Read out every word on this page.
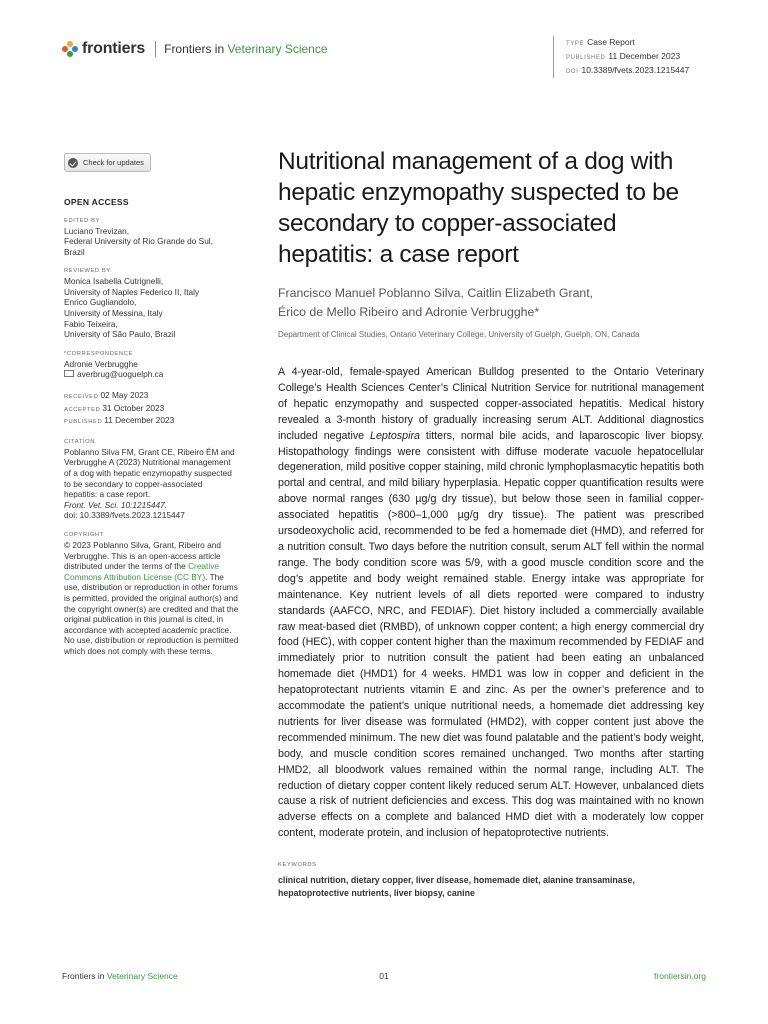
frontiers Frontiers in Veterinary Science	TYPE Case Report
PUBLISHED 11 December 2023
DOI 10.3389/fvets.2023.1215447
Check for updates
OPEN ACCESS
EDITED BY
Luciano Trevizan,
Federal University of Rio Grande do Sul,
Brazil
REVIEWED BY
Monica Isabella Cutrignelli,
University of Naples Federico II, Italy
Enrico Gugliandolo,
University of Messina, Italy
Fabio Teixeira,
University of São Paulo, Brazil
*CORRESPONDENCE
Adronie Verbrugghe
averbrug@uoguelph.ca
RECEIVED 02 May 2023
ACCEPTED 31 October 2023
PUBLISHED 11 December 2023
CITATION
Poblanno Silva FM, Grant CE, Ribeiro ÉM and
Verbrugghe A (2023) Nutritional management
of a dog with hepatic enzymopathy suspected
to be secondary to copper-associated
hepatitis: a case report.
Front. Vet. Sci. 10:1215447.
doi: 10.3389/fvets.2023.1215447
COPYRIGHT
© 2023 Poblanno Silva, Grant, Ribeiro and
Verbrugghe. This is an open-access article
distributed under the terms of the Creative Commons Attribution License (CC BY). The use, distribution or reproduction in other forums is permitted, provided the original author(s) and the copyright owner(s) are credited and that the original publication in this journal is cited, in accordance with accepted academic practice. No use, distribution or reproduction is permitted which does not comply with these terms.
Nutritional management of a dog with hepatic enzymopathy suspected to be secondary to copper-associated hepatitis: a case report
Francisco Manuel Poblanno Silva, Caitlin Elizabeth Grant,
Érico de Mello Ribeiro and Adronie Verbrugghe*
Department of Clinical Studies, Ontario Veterinary College, University of Guelph, Guelph, ON, Canada
A 4-year-old, female-spayed American Bulldog presented to the Ontario Veterinary College’s Health Sciences Center’s Clinical Nutrition Service for nutritional management of hepatic enzymopathy and suspected copper-associated hepatitis. Medical history revealed a 3-month history of gradually increasing serum ALT. Additional diagnostics included negative Leptospira titters, normal bile acids, and laparoscopic liver biopsy. Histopathology findings were consistent with diffuse moderate vacuole hepatocellular degeneration, mild positive copper staining, mild chronic lymphoplasmacytic hepatitis both portal and central, and mild biliary hyperplasia. Hepatic copper quantification results were above normal ranges (630 µg/g dry tissue), but below those seen in familial copper-associated hepatitis (>800–1,000 µg/g dry tissue). The patient was prescribed ursodeoxycholic acid, recommended to be fed a homemade diet (HMD), and referred for a nutrition consult. Two days before the nutrition consult, serum ALT fell within the normal range. The body condition score was 5/9, with a good muscle condition score and the dog’s appetite and body weight remained stable. Energy intake was appropriate for maintenance. Key nutrient levels of all diets reported were compared to industry standards (AAFCO, NRC, and FEDIAF). Diet history included a commercially available raw meat-based diet (RMBD), of unknown copper content; a high energy commercial dry food (HEC), with copper content higher than the maximum recommended by FEDIAF and immediately prior to nutrition consult the patient had been eating an unbalanced homemade diet (HMD1) for 4 weeks. HMD1 was low in copper and deficient in the hepatoprotectant nutrients vitamin E and zinc. As per the owner’s preference and to accommodate the patient’s unique nutritional needs, a homemade diet addressing key nutrients for liver disease was formulated (HMD2), with copper content just above the recommended minimum. The new diet was found palatable and the patient’s body weight, body, and muscle condition scores remained unchanged. Two months after starting HMD2, all bloodwork values remained within the normal range, including ALT. The reduction of dietary copper content likely reduced serum ALT. However, unbalanced diets cause a risk of nutrient deficiencies and excess. This dog was maintained with no known adverse effects on a complete and balanced HMD diet with a moderately low copper content, moderate protein, and inclusion of hepatoprotective nutrients.
KEYWORDS
clinical nutrition, dietary copper, liver disease, homemade diet, alanine transaminase,
hepatoprotective nutrients, liver biopsy, canine
Frontiers in Veterinary Science	01	frontiersin.org
